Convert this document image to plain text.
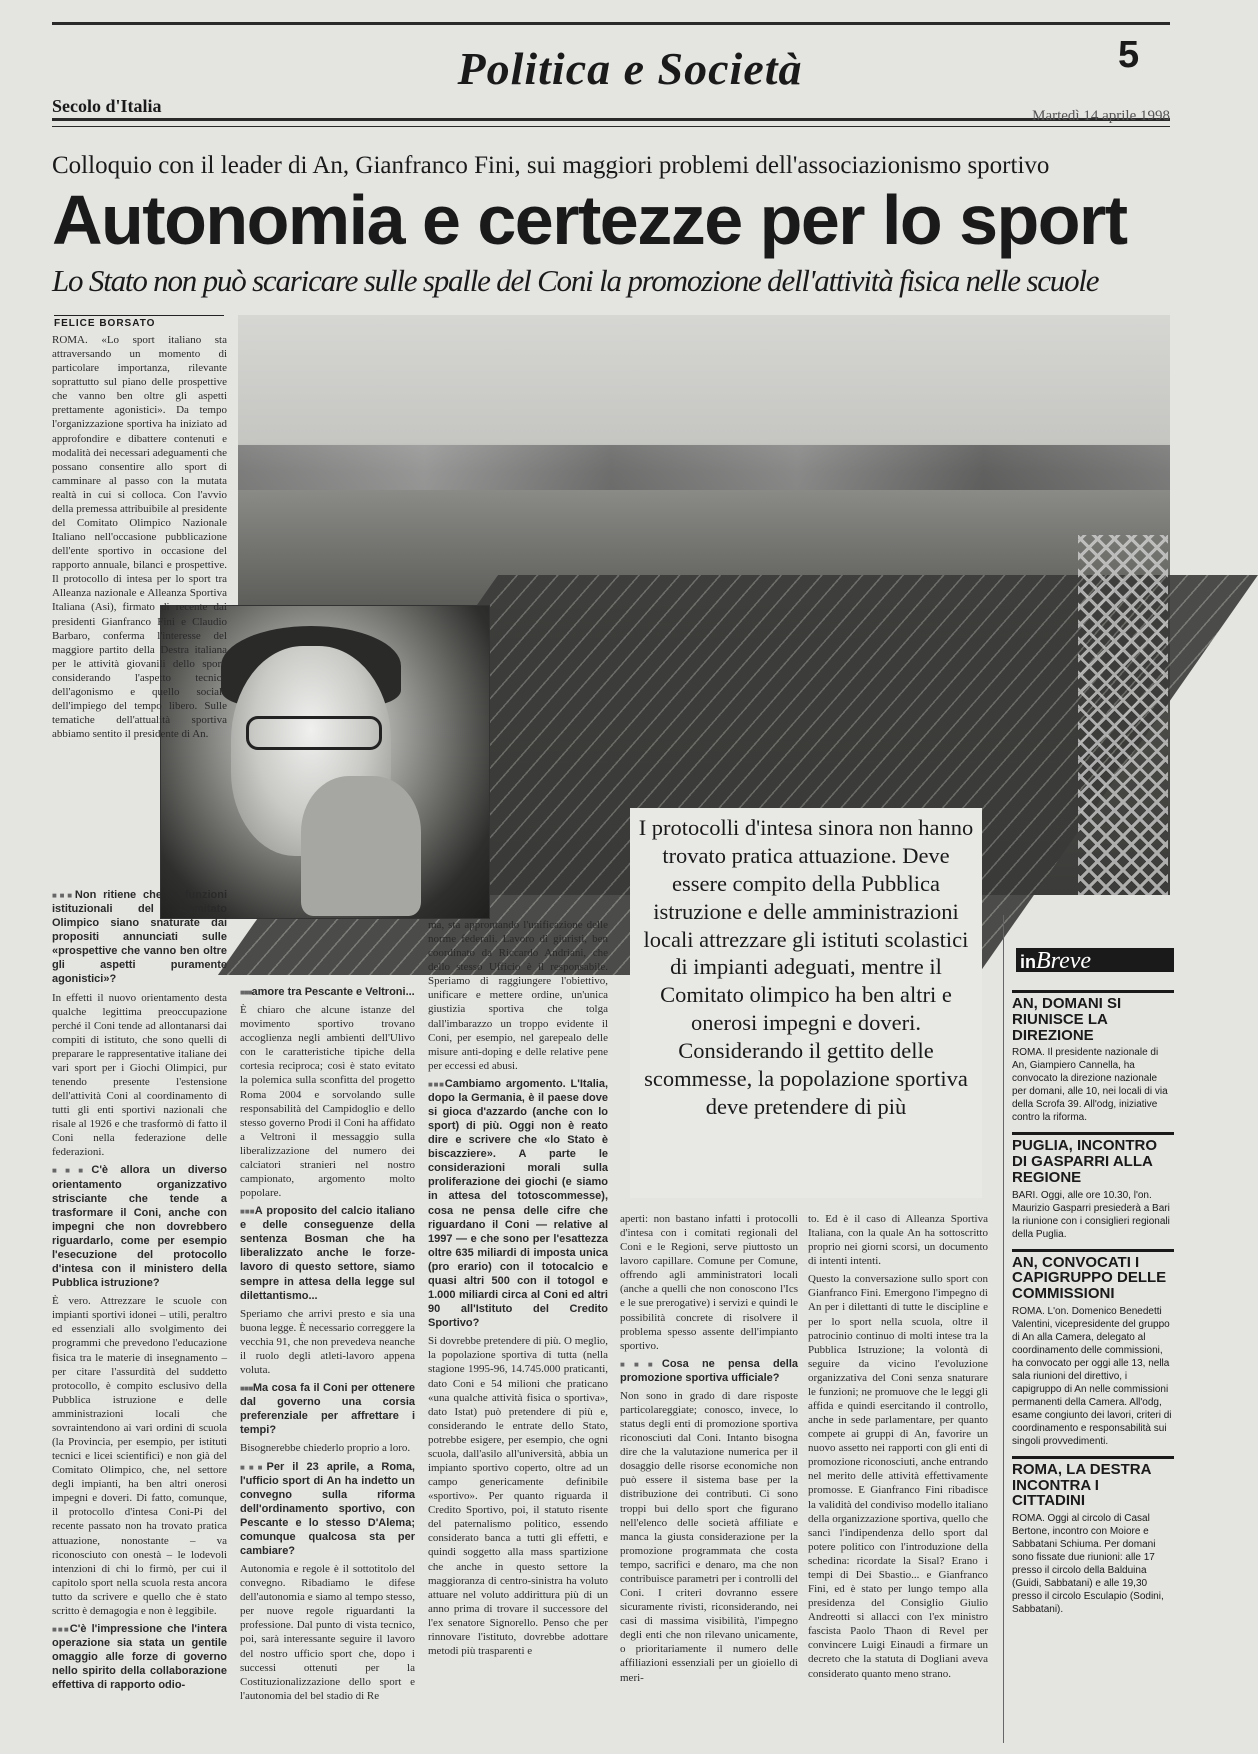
Politica e Società	5
Secolo d'Italia	Martedì 14 aprile 1998
Colloquio con il leader di An, Gianfranco Fini, sui maggiori problemi dell'associazionismo sportivo
Autonomia e certezze per lo sport
Lo Stato non può scaricare sulle spalle del Coni la promozione dell'attività fisica nelle scuole
FELICE BORSATO

ROMA. «Lo sport italiano sta attraversando un momento di particolare importanza, rilevante soprattutto sul piano delle prospettive che vanno ben oltre gli aspetti prettamente agonistici». Da tempo l'organizzazione sportiva ha iniziato ad approfondire e dibattere contenuti e modalità dei necessari adeguamenti che possano consentire allo sport di camminare al passo con la mutata realtà in cui si colloca. Con l'avvio della premessa attribuibile al presidente del Comitato Olimpico Nazionale Italiano nell'occasione pubblicazione dell'ente sportivo in occasione del rapporto annuale, bilanci e prospettive. Il protocollo di intesa per lo sport tra Alleanza nazionale e Alleanza Sportiva Italiana (Asi), firmato di recente dai presidenti Gianfranco Fini e Claudio Barbaro, conferma l'interesse del maggiore partito della Destra italiana per le attività giovanili dello sport, considerando l'aspetto tecnico dell'agonismo e quello sociale dell'impiego del tempo libero. Sulle tematiche dell'attualità sportiva abbiamo sentito il presidente di An.

■■■ Non ritiene che le funzioni istituzionali del Comitato Olimpico siano snaturate dai propositi annunciati sulle «prospettive che vanno ben oltre gli aspetti puramente agonistici»?

In effetti il nuovo orientamento desta qualche legittima preoccupazione perché il Coni tende ad allontanarsi dai compiti di istituto, che sono quelli di preparare le rappresentative italiane dei vari sport per i Giochi Olimpici, pur tenendo presente l'estensione dell'attività Coni al coordinamento di tutti gli enti sportivi nazionali che risale al 1926 e che trasformò di fatto il Coni nella federazione delle federazioni.

■■■ C'è allora un diverso orientamento organizzativo strisciante che tende a trasformare il Coni, anche con impegni che non dovrebbero riguardarlo, come per esempio l'esecuzione del protocollo d'intesa con il ministero della Pubblica istruzione?

È vero. Attrezzare le scuole con impianti sportivi idonei – utili, peraltro ed essenziali allo svolgimento dei programmi che prevedono l'educazione fisica tra le materie di insegnamento – per citare l'assurdità del suddetto protocollo, è compito esclusivo della Pubblica istruzione e delle amministrazioni locali che sovraintendono ai vari ordini di scuola (la Provincia, per esempio, per istituti tecnici e licei scientifici) e non già del Comitato Olimpico, che, nel settore degli impianti, ha ben altri onerosi impegni e doveri. Di fatto, comunque, il protocollo d'intesa Coni-Pi del recente passato non ha trovato pratica attuazione, nonostante – va riconosciuto con onestà – le lodevoli intenzioni di chi lo firmò, per cui il capitolo sport nella scuola resta ancora tutto da scrivere e quello che è stato scritto è demagogia e non è leggibile.

■■■ C'è l'impressione che l'intera operazione sia stata un gentile omaggio alle forze di governo nello spirito della collaborazione effettiva di rapporto odio-

■■■ amore tra Pescante e Veltroni...

È chiaro che alcune istanze del movimento sportivo trovano accoglienza negli ambienti dell'Ulivo con le caratteristiche tipiche della cortesia reciproca; così è stato evitato la polemica sulla sconfitta del progetto Roma 2004 e sorvolando sulle responsabilità del Campidoglio e dello stesso governo Prodi il Coni ha affidato a Veltroni il messaggio sulla liberalizzazione del numero dei calciatori stranieri nel nostro campionato, argomento molto popolare.

■■■ A proposito del calcio italiano e delle conseguenze della sentenza Bosman che ha liberalizzato anche le forze-lavoro di questo settore, siamo sempre in attesa della legge sul dilettantismo...

Speriamo che arrivi presto e sia una buona legge. È necessario correggere la vecchia 91, che non prevedeva neanche il ruolo degli atleti-lavoro appena voluta.

■■■ Ma cosa fa il Coni per ottenere dal governo una corsia preferenziale per affrettare i tempi?

Bisognerebbe chiederlo proprio a loro.

■■■ Per il 23 aprile, a Roma, l'ufficio sport di An ha indetto un convegno sulla riforma dell'ordinamento sportivo, con Pescante e lo stesso D'Alema; comunque qualcosa sta per cambiare?

Autonomia e regole è il sottotitolo del convegno. Ribadiamo le difese dell'autonomia e siamo al tempo stesso, per nuove regole riguardanti la professione. Dal punto di vista tecnico, poi, sarà interessante seguire il lavoro del nostro ufficio sport che, dopo i successi ottenuti per la Costituzionalizzazione dello sport e l'autonomia del bel stadio di Re

ma, sta approntando l'unificazione delle norme federali. Lavoro di giuristi, ben coordinato da Riccardo Andriani, che dello stesso Ufficio è il responsabile. Speriamo di raggiungere l'obiettivo, unificare e mettere ordine, un'unica giustizia sportiva che tolga dall'imbarazzo un troppo evidente il Coni, per esempio, nel garepealo delle misure anti-doping e delle relative pene per eccessi ed abusi.

■■■ Cambiamo argomento. L'Italia, dopo la Germania, è il paese dove si gioca d'azzardo (anche con lo sport) di più. Oggi non è reato dire e scrivere che «lo Stato è biscazziere». A parte le considerazioni morali sulla proliferazione dei giochi (e siamo in attesa del totoscommesse), cosa ne pensa delle cifre che riguardano il Coni — relative al 1997 — e che sono per l'esattezza oltre 635 miliardi di imposta unica (pro erario) con il totocalcio e quasi altri 500 con il totogol e 1.000 miliardi circa al Coni ed altri 90 all'Istituto del Credito Sportivo?

Si dovrebbe pretendere di più. O meglio, la popolazione sportiva di tutta (nella stagione 1995-96, 14.745.000 praticanti, dato Coni e 54 milioni che praticano «una qualche attività fisica o sportiva», dato Istat) può pretendere di più e, considerando le entrate dello Stato, potrebbe esigere, per esempio, che ogni scuola, dall'asilo all'università, abbia un impianto sportivo coperto, oltre ad un campo genericamente definibile «sportivo». Per quanto riguarda il Credito Sportivo, poi, il statuto risente del paternalismo politico, essendo considerato banca a tutti gli effetti, e quindi soggetto alla mass spartizione che anche in questo settore la maggioranza di centro-sinistra ha voluto attuare nel voluto addirittura più di un anno prima di trovare il successore del l'ex senatore Signorello. Penso che per rinnovare l'istituto, dovrebbe adottare metodi più trasparenti e

I protocolli d'intesa sinora non hanno trovato pratica attuazione. Deve essere compito della Pubblica istruzione e delle amministrazioni locali attrezzare gli istituti scolastici di impianti adeguati, mentre il Comitato olimpico ha ben altri e onerosi impegni e doveri. Considerando il gettito delle scommesse, la popolazione sportiva deve pretendere di più

aperti: non bastano infatti i protocolli d'intesa con i comitati regionali del Coni e le Regioni, serve piuttosto un lavoro capillare. Comune per Comune, offrendo agli amministratori locali (anche a quelli che non conoscono l'Ics e le sue prerogative) i servizi e quindi le possibilità concrete di risolvere il problema spesso assente dell'impianto sportivo.

■■■ Cosa ne pensa della promozione sportiva ufficiale?

Non sono in grado di dare risposte particolareggiate; conosco, invece, lo status degli enti di promozione sportiva riconosciuti dal Coni. Intanto bisogna dire che la valutazione numerica per il dosaggio delle risorse economiche non può essere il sistema base per la distribuzione dei contributi. Ci sono troppi bui dello sport che figurano nell'elenco delle società affiliate e manca la giusta considerazione per la promozione programmata che costa tempo, sacrifici e denaro, ma che non contribuisce parametri per i controlli del Coni. I criteri dovranno essere sicuramente rivisti, riconsiderando, nei casi di massima visibilità, l'impegno degli enti che non rilevano unicamente, o prioritariamente il numero delle affiliazioni essenziali per un gioiello di meri-

to. Ed è il caso di Alleanza Sportiva Italiana, con la quale An ha sottoscritto proprio nei giorni scorsi, un documento di intenti intenti.

Questo la conversazione sullo sport con Gianfranco Fini. Emergono l'impegno di An per i dilettanti di tutte le discipline e per lo sport nella scuola, oltre il patrocinio continuo di molti intese tra la Pubblica Istruzione; la volontà di seguire da vicino l'evoluzione organizzativa del Coni senza snaturare le funzioni; ne promuove che le leggi gli affida e quindi esercitando il controllo, anche in sede parlamentare, per quanto compete ai gruppi di An, favorire un nuovo assetto nei rapporti con gli enti di promozione riconosciuti, anche entrando nel merito delle attività effettivamente promosse. E Gianfranco Fini ribadisce la validità del condiviso modello italiano della organizzazione sportiva, quello che sancì l'indipendenza dello sport dal potere politico con l'introduzione della schedina: ricordate la Sisal? Erano i tempi di Dei Sbastio... e Gianfranco Fini, ed è stato per lungo tempo alla presidenza del Consiglio Giulio Andreotti si allacci con l'ex ministro fascista Paolo Thaon di Revel per convincere Luigi Einaudi a firmare un decreto che la statuta di Dogliani aveva considerato quanto meno strano.

inBreve
AN, DOMANI SI RIUNISCE LA DIREZIONE
ROMA. Il presidente nazionale di An, Giampiero Cannella, ha convocato la direzione nazionale per domani, alle 10, nei locali di via della Scrofa 39. All'odg, iniziative contro la riforma.
PUGLIA, INCONTRO DI GASPARRI ALLA REGIONE
BARI. Oggi, alle ore 10.30, l'on. Maurizio Gasparri presiederà a Bari la riunione con i consiglieri regionali della Puglia.
AN, CONVOCATI I CAPIGRUPPO DELLE COMMISSIONI
ROMA. L'on. Domenico Benedetti Valentini, vicepresidente del gruppo di An alla Camera, delegato al coordinamento delle commissioni, ha convocato per oggi alle 13, nella sala riunioni del direttivo, i capigruppo di An nelle commissioni permanenti della Camera. All'odg, esame congiunto dei lavori, criteri di coordinamento e responsabilità sui singoli provvedimenti.
ROMA, LA DESTRA INCONTRA I CITTADINI
ROMA. Oggi al circolo di Casal Bertone, incontro con Moiore e Sabbatani Schiuma. Per domani sono fissate due riunioni: alle 17 presso il circolo della Balduina (Guidi, Sabbatani) e alle 19,30 presso il circolo Esculapio (Sodini, Sabbatani).
